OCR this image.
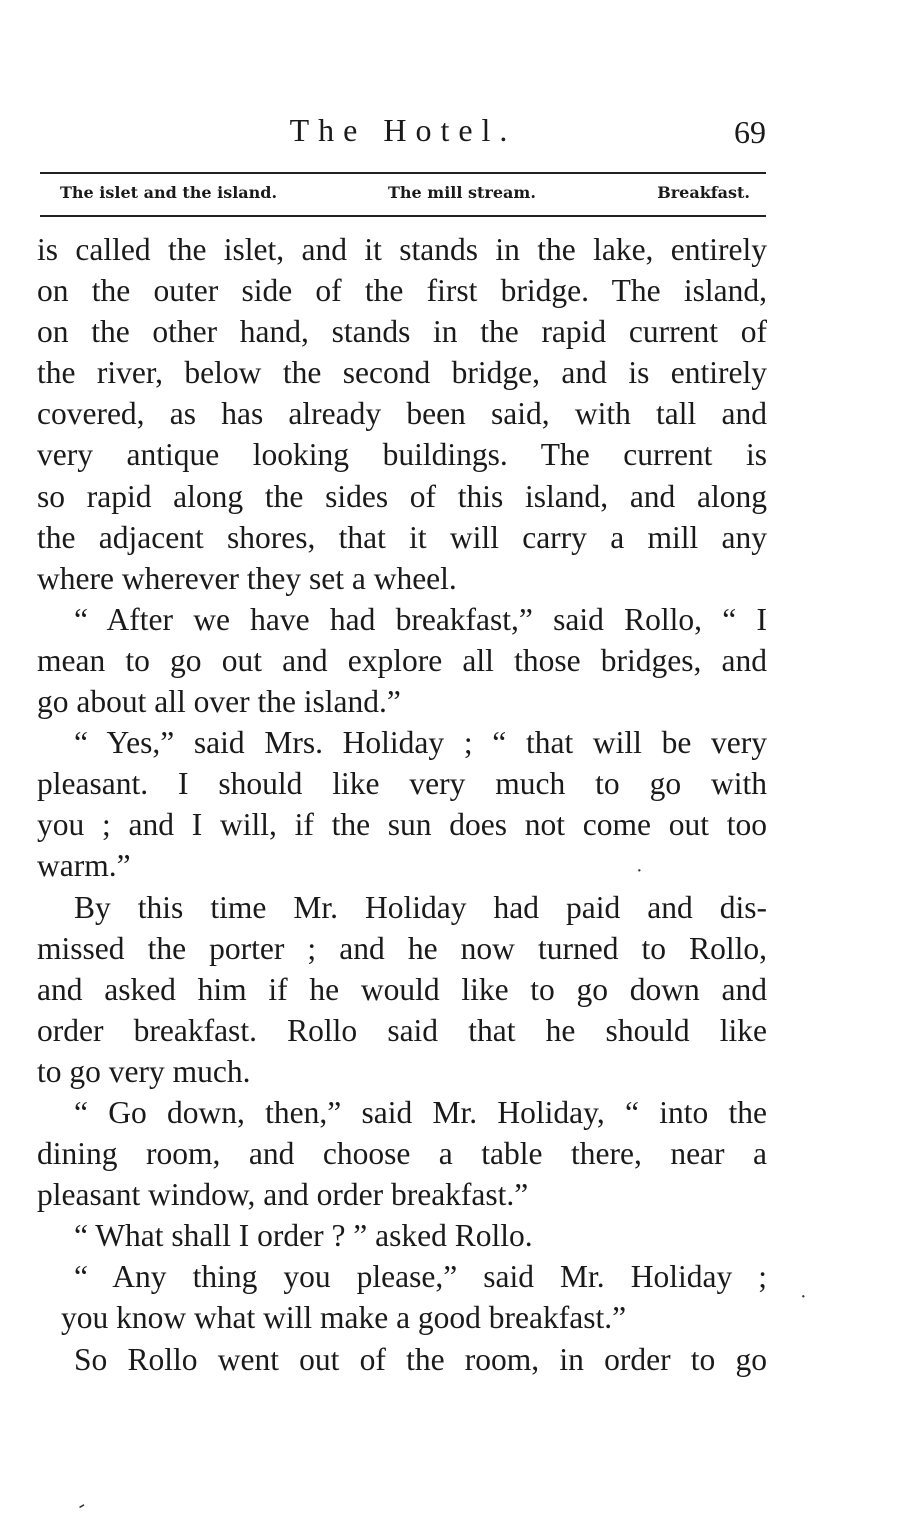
The Hotel.	69
The islet and the island.	The mill stream.	Breakfast.
is called the islet, and it stands in the lake, entirely
on the outer side of the first bridge. The island,
on the other hand, stands in the rapid current of
the river, below the second bridge, and is entirely
covered, as has already been said, with tall and
very antique looking buildings. The current is
so rapid along the sides of this island, and along
the adjacent shores, that it will carry a mill any
where wherever they set a wheel.
“ After we have had breakfast,” said Rollo, “ I
mean to go out and explore all those bridges, and
go about all over the island.”
“ Yes,” said Mrs. Holiday ; “ that will be very
pleasant. I should like very much to go with
you ; and I will, if the sun does not come out too
warm.”
By this time Mr. Holiday had paid and dis-
missed the porter ; and he now turned to Rollo,
and asked him if he would like to go down and
order breakfast. Rollo said that he should like
to go very much.
“ Go down, then,” said Mr. Holiday, “ into the
dining room, and choose a table there, near a
pleasant window, and order breakfast.”
“ What shall I order ? ” asked Rollo.
“ Any thing you please,” said Mr. Holiday ;
you know what will make a good breakfast.”
So Rollo went out of the room, in order to go
·
·
-
